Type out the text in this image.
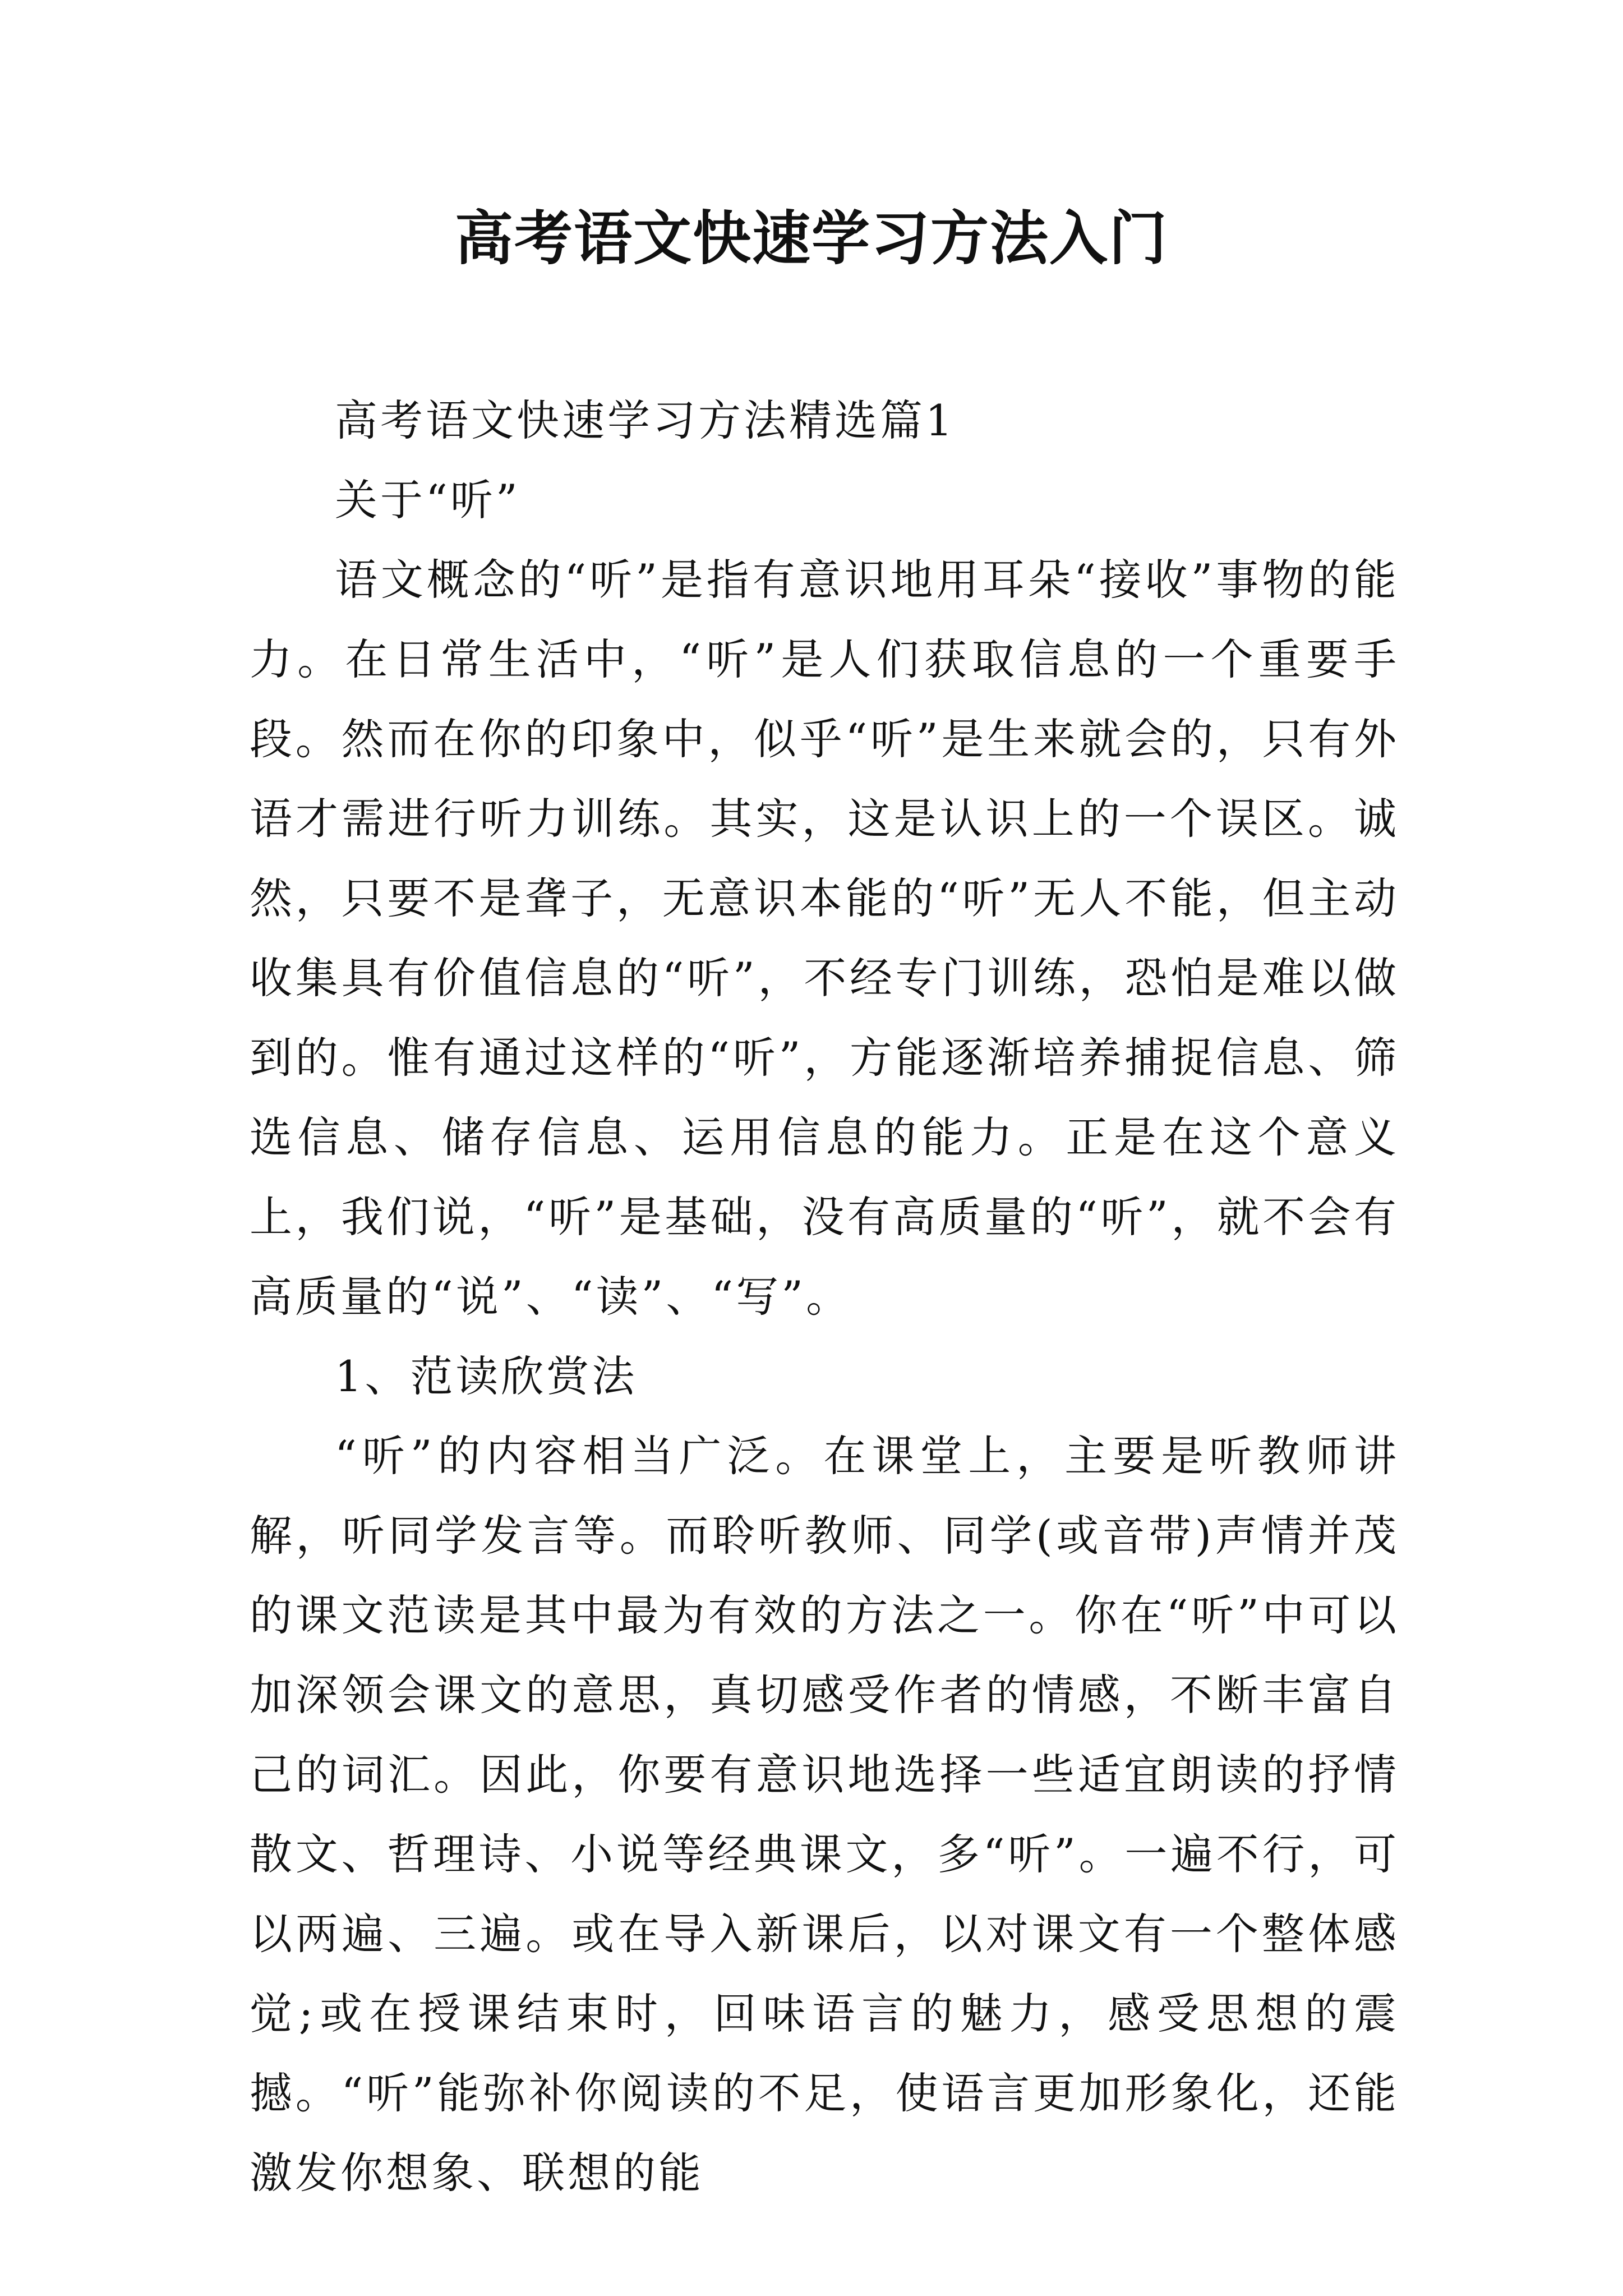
高考语文快速学习方法入门

高考语文快速学习方法精选篇1

关于“听”

语文概念的“听”是指有意识地用耳朵“接收”事物的能力。在日常生活中，“听”是人们获取信息的一个重要手段。然而在你的印象中，似乎“听”是生来就会的，只有外语才需进行听力训练。其实，这是认识上的一个误区。诚然，只要不是聋子，无意识本能的“听”无人不能，但主动收集具有价值信息的“听”，不经专门训练，恐怕是难以做到的。惟有通过这样的“听”，方能逐渐培养捕捉信息、筛选信息、储存信息、运用信息的能力。正是在这个意义上，我们说，“听”是基础，没有高质量的“听”，就不会有高质量的“说”、“读”、“写”。

1、范读欣赏法

“听”的内容相当广泛。在课堂上，主要是听教师讲解，听同学发言等。而聆听教师、同学(或音带)声情并茂的课文范读是其中最为有效的方法之一。你在“听”中可以加深领会课文的意思，真切感受作者的情感，不断丰富自己的词汇。因此，你要有意识地选择一些适宜朗读的抒情散文、哲理诗、小说等经典课文，多“听”。一遍不行，可以两遍、三遍。或在导入新课后，以对课文有一个整体感觉;或在授课结束时，回味语言的魅力，感受思想的震撼。“听”能弥补你阅读的不足，使语言更加形象化，还能激发你想象、联想的能
